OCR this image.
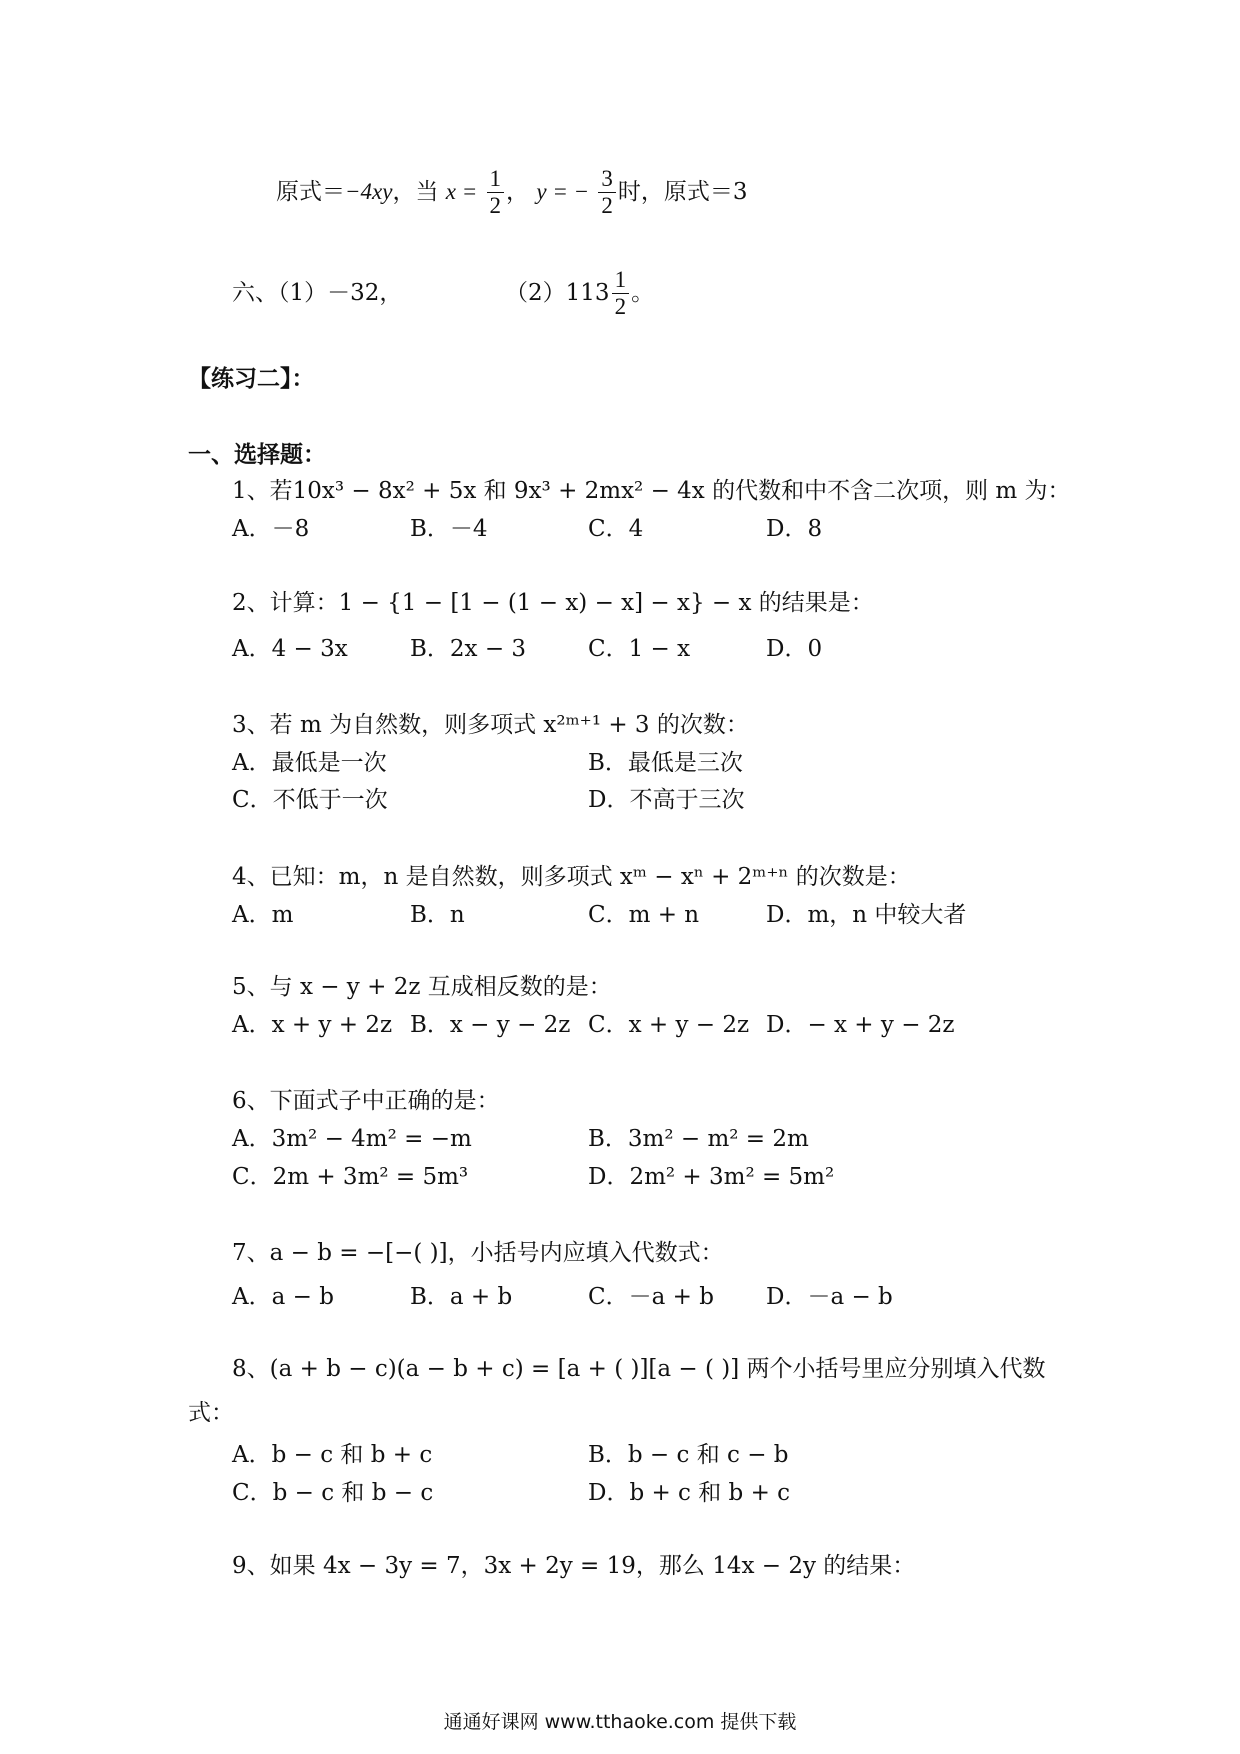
原式＝−4xy，当 $x = \frac{1}{2}$ ， y = − $\frac{3}{2}$ 时，原式＝3
六、（1）－32，	$(2)113 \frac{1}{2}$ 。
【练习二】：
一、选择题：
1、若10x³ − 8x² + 5x 和 9x³ + 2mx² − 4x 的代数和中不含二次项，则 m 为：
A．－8	B．－4	C．4	D．8
2、计算：1 − {1 − [1 − (1 − x) − x] − x} − x 的结果是：
A．4 − 3x	B．2x − 3	C．1 − x	D．0
3、若 m 为自然数，则多项式 x²ᵐ⁺¹ + 3 的次数：
A．最低是一次	B．最低是三次
C．不低于一次	D．不高于三次
4、已知：m，n 是自然数，则多项式 xᵐ − xⁿ + 2ᵐ⁺ⁿ 的次数是：
A．m	B．n	C．m + n	D．m，n 中较大者
5、与 x − y + 2z 互成相反数的是：
A．x + y + 2z B．x − y − 2z C．x + y − 2z D．− x + y − 2z
6、下面式子中正确的是：
A．3m² − 4m² = −m	B．3m² − m² = 2m
C．2m + 3m² = 5m³	D．2m² + 3m² = 5m²
7、a − b = −[−( )]，小括号内应填入代数式：
A．a − b	B．a + b	C．－a + b D．－a − b
8、(a + b − c)(a − b + c) = [a + ( )][a − ( )] 两个小括号里应分别填入代数
式：
A．b − c 和 b + c	B．b − c 和 c − b
C．b − c 和 b − c	D．b + c 和 b + c
9、如果 4x − 3y = 7，3x + 2y = 19，那么 14x − 2y 的结果：
通通好课网 www.tthaoke.com 提供下载
